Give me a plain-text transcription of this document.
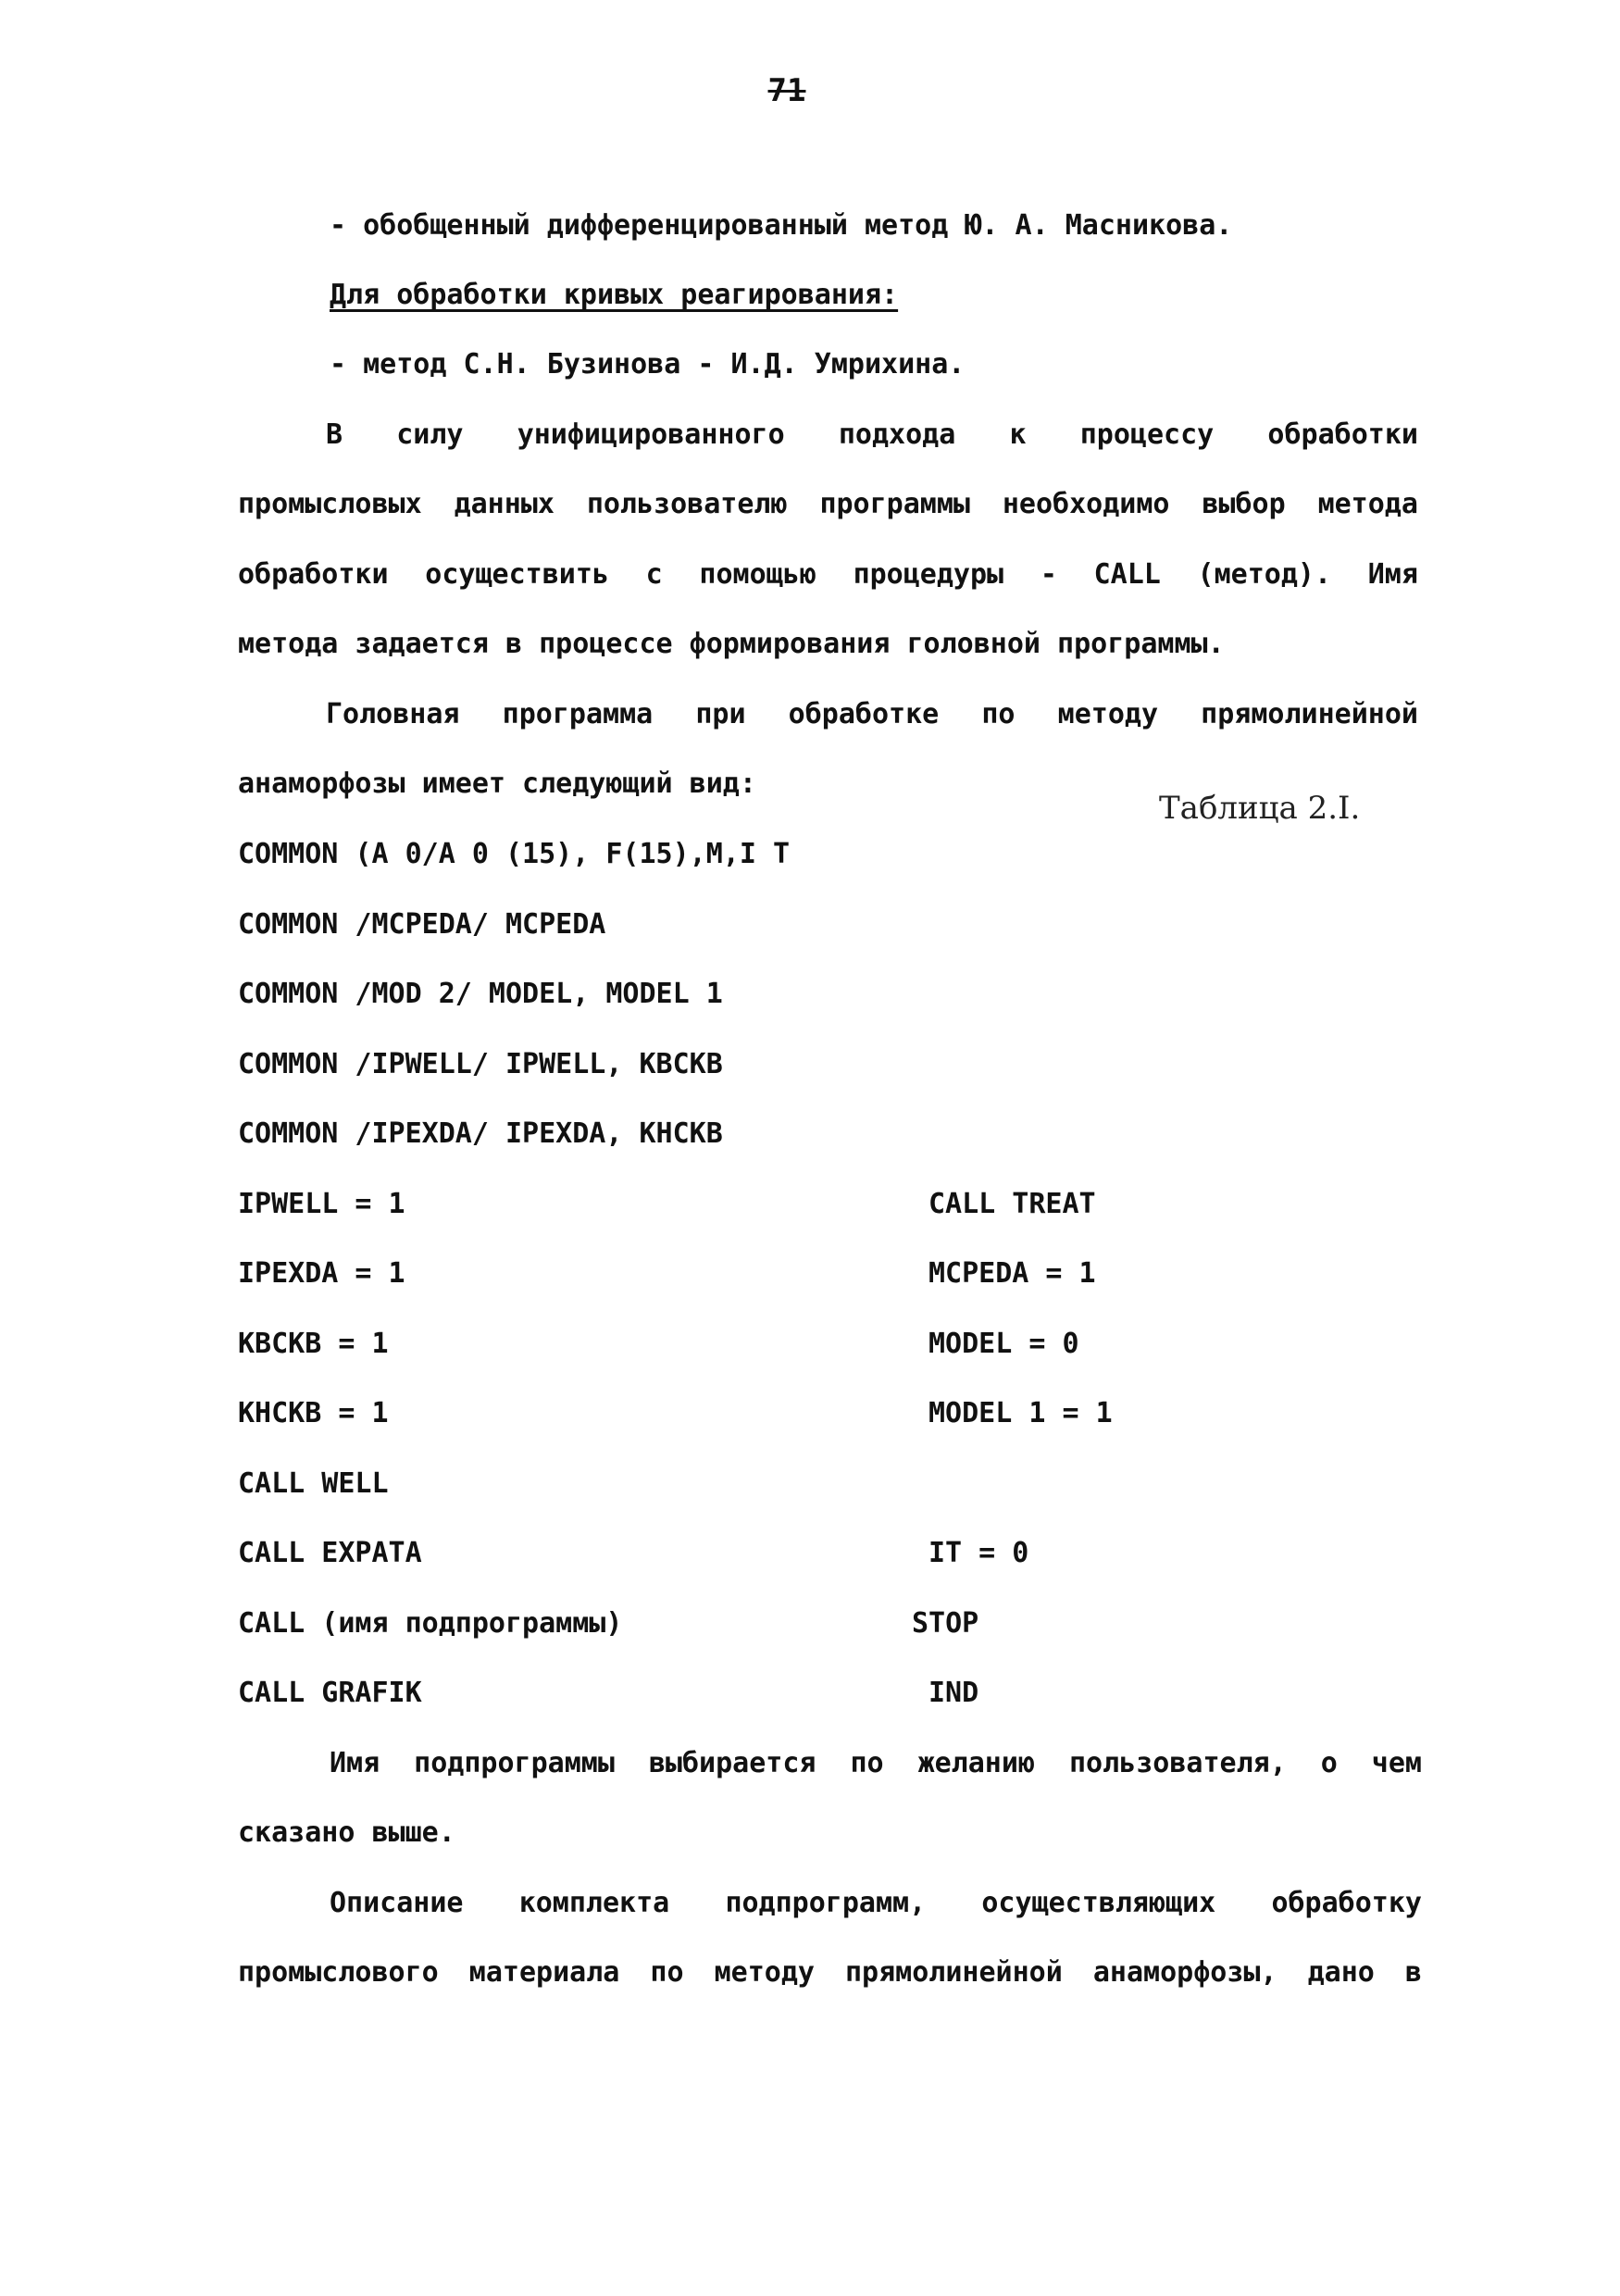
71
- обобщенный дифференцированный метод Ю. А. Масникова.
Для обработки кривых реагирования:
- метод С.Н. Бузинова - И.Д. Умрихина.
В силу унифицированного подхода к процессу обработки
промысловых данных пользователю программы необходимо выбор метода
обработки осуществить с помощью процедуры - CALL (метод). Имя
метода задается в процессе формирования головной программы.
Головная программа при обработке по методу прямолинейной
анаморфозы имеет следующий вид:
Таблица 2.I.
COMMON (A 0/A 0 (15), F(15),M,I T
COMMON /MCPEDA/ MCPEDA
COMMON /MOD 2/ MODEL, MODEL 1
COMMON /IPWELL/ IPWELL, KBCKB
COMMON /IPEXDA/ IPEXDA, KHCKB
IPWELL = 1
IPEXDA = 1
KBCKB = 1
KHCKB = 1
CALL WELL
CALL EXPATA
CALL (имя подпрограммы)
CALL GRAFIK
CALL TREAT
MCPEDA = 1
MODEL = 0
MODEL 1 = 1
IT = 0
STOP
IND
Имя подпрограммы выбирается по желанию пользователя, о чем
сказано выше.
Описание комплекта подпрограмм, осуществляющих обработку
промыслового материала по методу прямолинейной анаморфозы, дано в
